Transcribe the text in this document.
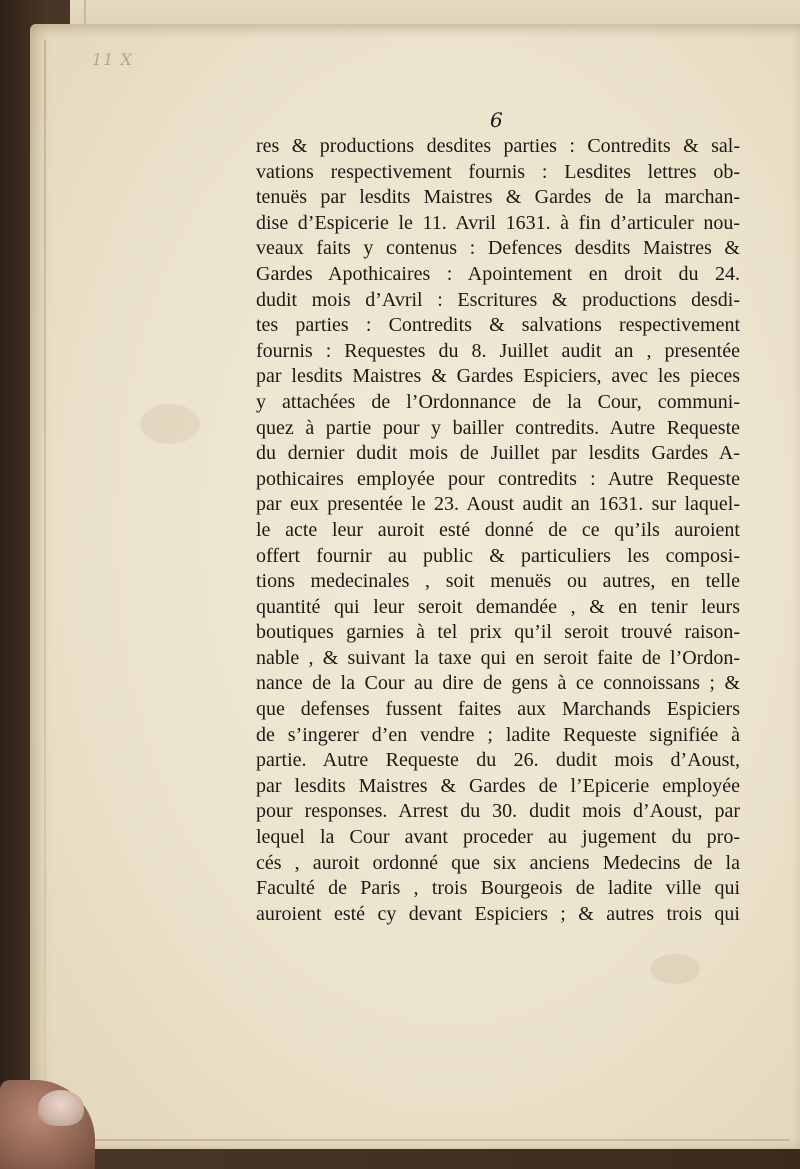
11 X

6

res & productions desdites parties : Contredits & sal-
vations respectivement fournis : Lesdites lettres ob-
tenuës par lesdits Maistres & Gardes de la marchan-
dise d’Espicerie le 11. Avril 1631. à fin d’articuler nou-
veaux faits y contenus : Defences desdits Maistres &
Gardes Apothicaires : Apointement en droit du 24.
dudit mois d’Avril : Escritures & productions desdi-
tes parties : Contredits & salvations respectivement
fournis : Requestes du 8. Juillet audit an , presentée
par lesdits Maistres & Gardes Espiciers, avec les pieces
y attachées de l’Ordonnance de la Cour, communi-
quez à partie pour y bailler contredits. Autre Requeste
du dernier dudit mois de Juillet par lesdits Gardes A-
pothicaires employée pour contredits : Autre Requeste
par eux presentée le 23. Aoust audit an 1631. sur laquel-
le acte leur auroit esté donné de ce qu’ils auroient
offert fournir au public & particuliers les composi-
tions medecinales , soit menuës ou autres, en telle
quantité qui leur seroit demandée , & en tenir leurs
boutiques garnies à tel prix qu’il seroit trouvé raison-
nable , & suivant la taxe qui en seroit faite de l’Ordon-
nance de la Cour au dire de gens à ce connoissans ; &
que defenses fussent faites aux Marchands Espiciers
de s’ingerer d’en vendre ; ladite Requeste signifiée à
partie. Autre Requeste du 26. dudit mois d’Aoust,
par lesdits Maistres & Gardes de l’Epicerie employée
pour responses. Arrest du 30. dudit mois d’Aoust, par
lequel la Cour avant proceder au jugement du pro-
cés , auroit ordonné que six anciens Medecins de la
Faculté de Paris , trois Bourgeois de ladite ville qui
auroient esté cy devant Espiciers ; & autres trois qui
